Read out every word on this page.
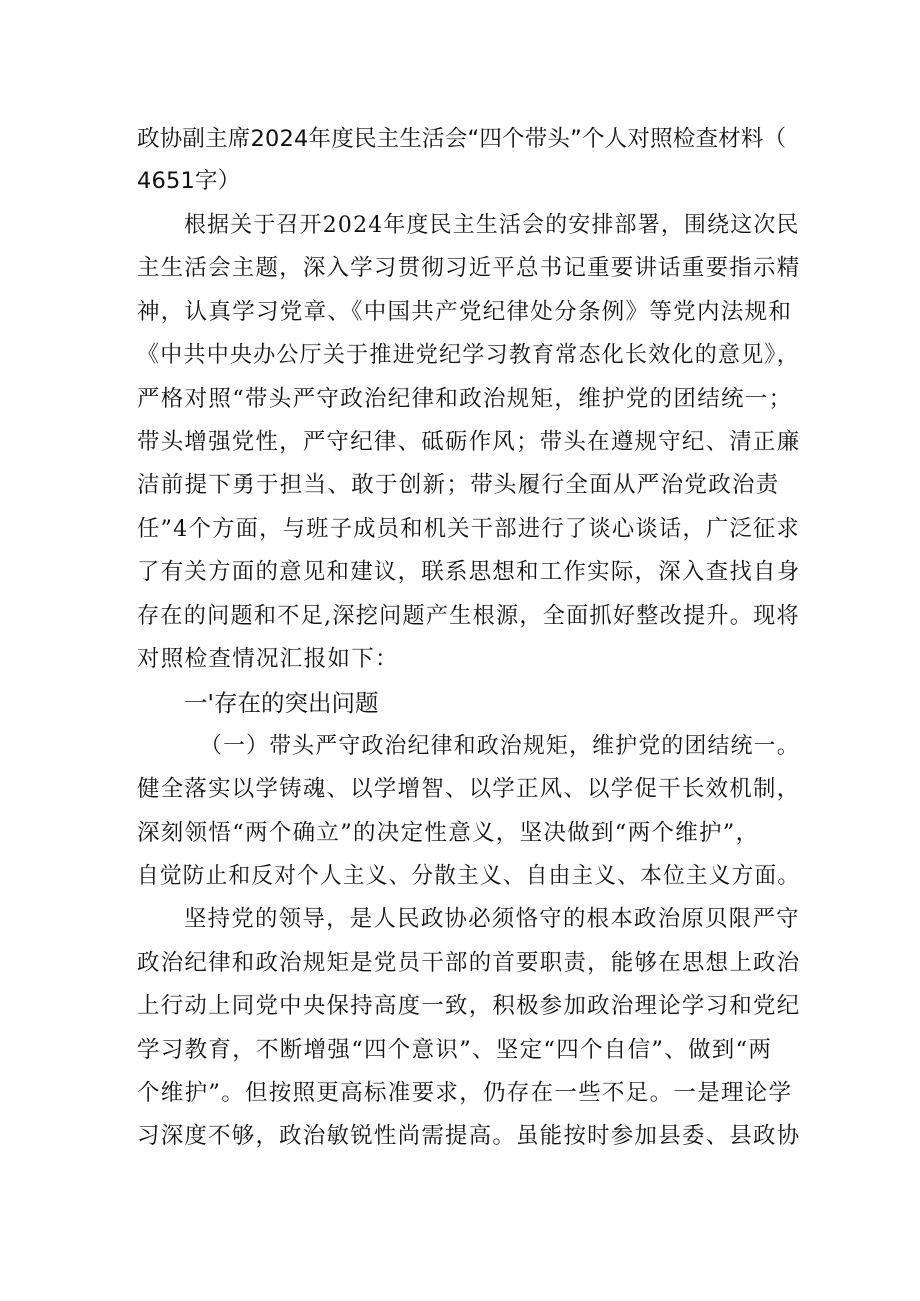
政协副主席2024年度民主生活会“四个带头”个人对照检查材料（

4651字）

根据关于召开2024年度民主生活会的安排部署，围绕这次民

主生活会主题，深入学习贯彻习近平总书记重要讲话重要指示精

神，认真学习党章、《中国共产党纪律处分条例》等党内法规和

《中共中央办公厅关于推进党纪学习教育常态化长效化的意见》，

严格对照“带头严守政治纪律和政治规矩，维护党的团结统一；

带头增强党性，严守纪律、砥砺作风；带头在遵规守纪、清正廉

洁前提下勇于担当、敢于创新；带头履行全面从严治党政治责

任”4个方面，与班子成员和机关干部进行了谈心谈话，广泛征求

了有关方面的意见和建议，联系思想和工作实际，深入查找自身

存在的问题和不足,深挖问题产生根源，全面抓好整改提升。现将

对照检查情况汇报如下：

一'存在的突出问题

（一）带头严守政治纪律和政治规矩，维护党的团结统一。

健全落实以学铸魂、以学增智、以学正风、以学促干长效机制，

深刻领悟“两个确立”的决定性意义，坚决做到“两个维护”，

自觉防止和反对个人主义、分散主义、自由主义、本位主义方面。

坚持党的领导，是人民政协必须恪守的根本政治原贝限严守

政治纪律和政治规矩是党员干部的首要职责，能够在思想上政治

上行动上同党中央保持高度一致，积极参加政治理论学习和党纪

学习教育，不断增强“四个意识”、坚定“四个自信”、做到“两

个维护”。但按照更高标准要求，仍存在一些不足。一是理论学

习深度不够，政治敏锐性尚需提高。虽能按时参加县委、县政协
